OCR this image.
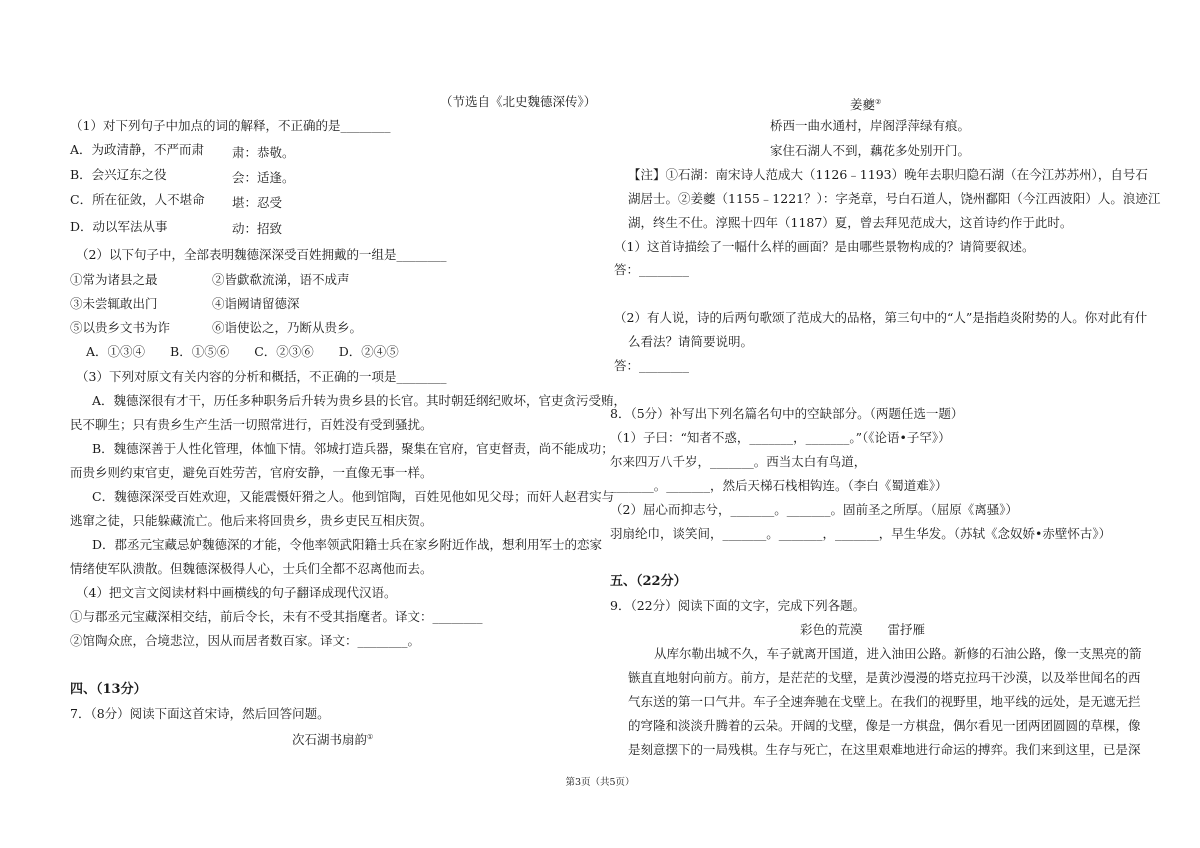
（节选自《北史魏德深传》）
（1）对下列句子中加点的词的解释，不正确的是________
A．为政清静，不严而肃 肃：恭敬。
B．会兴辽东之役	会：适逢。
C．所在征敛，人不堪命 堪：忍受
D．动以军法从事	动：招致
（2）以下句子中，全部表明魏德深深受百姓拥戴的一组是________
①常为诸县之最	②皆歔欷流涕，语不成声
③未尝辄敢出门	④诣阙请留德深
⑤以贵乡文书为诈	⑥诣使讼之，乃断从贵乡。
A．①③④　　B．①⑤⑥　　C．②③⑥　　D．②④⑤
（3）下列对原文有关内容的分析和概括，不正确的一项是________
A．魏德深很有才干，历任多种职务后升转为贵乡县的长官。其时朝廷纲纪败坏，官吏贪污受贿，
民不聊生；只有贵乡生产生活一切照常进行，百姓没有受到骚扰。
B．魏德深善于人性化管理，体恤下情。邻城打造兵器，聚集在官府，官吏督责，尚不能成功；
而贵乡则约束官吏，避免百姓劳苦，官府安静，一直像无事一样。
C．魏德深深受百姓欢迎，又能震慑奸猾之人。他到馆陶，百姓见他如见父母；而奸人赵君实与
逃窜之徒，只能躲藏流亡。他后来将回贵乡，贵乡吏民互相庆贺。
D．郡丞元宝藏忌妒魏德深的才能，令他率领武阳籍士兵在家乡附近作战，想利用军士的恋家
情绪使军队溃散。但魏德深极得人心，士兵们全都不忍离他而去。
（4）把文言文阅读材料中画横线的句子翻译成现代汉语。
①与郡丞元宝藏深相交结，前后令长，未有不受其指麾者。译文：________
②馆陶众庶，合境悲泣，因从而居者数百家。译文：________。
四、（13分）
7．（8分）阅读下面这首宋诗，然后回答问题。
次石湖书扇韵①
姜夔②
桥西一曲水通村，岸阁浮萍绿有痕。
家住石湖人不到，藕花多处别开门。
【注】①石湖：南宋诗人范成大（1126﹣1193）晚年去职归隐石湖（在今江苏苏州），自号石
湖居士。②姜夔（1155﹣1221？）：字尧章，号白石道人，饶州鄱阳（今江西波阳）人。浪迹江
湖，终生不仕。淳熙十四年（1187）夏，曾去拜见范成大，这首诗约作于此时。
（1）这首诗描绘了一幅什么样的画面？是由哪些景物构成的？请简要叙述。
答：________
（2）有人说，诗的后两句歌颂了范成大的品格，第三句中的“人”是指趋炎附势的人。你对此有什
么看法？请简要说明。
答：________
8．（5分）补写出下列名篇名句中的空缺部分。（两题任选一题）
（1）子曰：“知者不惑，_______，_______。”（《论语•子罕》）
尔来四万八千岁，_______。西当太白有鸟道，
_______。_______，然后天梯石栈相钩连。（李白《蜀道难》）
（2）屈心而抑志兮，_______。_______。固前圣之所厚。（屈原《离骚》）
羽扇纶巾，谈笑间，_______。_______，_______，早生华发。（苏轼《念奴娇•赤壁怀古》）
五、（22分）
9．（22分）阅读下面的文字，完成下列各题。
彩色的荒漠　　雷抒雁
从库尔勒出城不久，车子就离开国道，进入油田公路。新修的石油公路，像一支黑亮的箭
镞直直地射向前方。前方，是茫茫的戈壁，是黄沙漫漫的塔克拉玛干沙漠，以及举世闻名的西
气东送的第一口气井。车子全速奔驰在戈壁上。在我们的视野里，地平线的远处，是无遮无拦
的穹隆和淡淡升腾着的云朵。开阔的戈壁，像是一方棋盘，偶尔看见一团两团圆圆的草棵，像
是刻意摆下的一局残棋。生存与死亡，在这里艰难地进行命运的搏弈。我们来到这里，已是深
第3页（共5页）
